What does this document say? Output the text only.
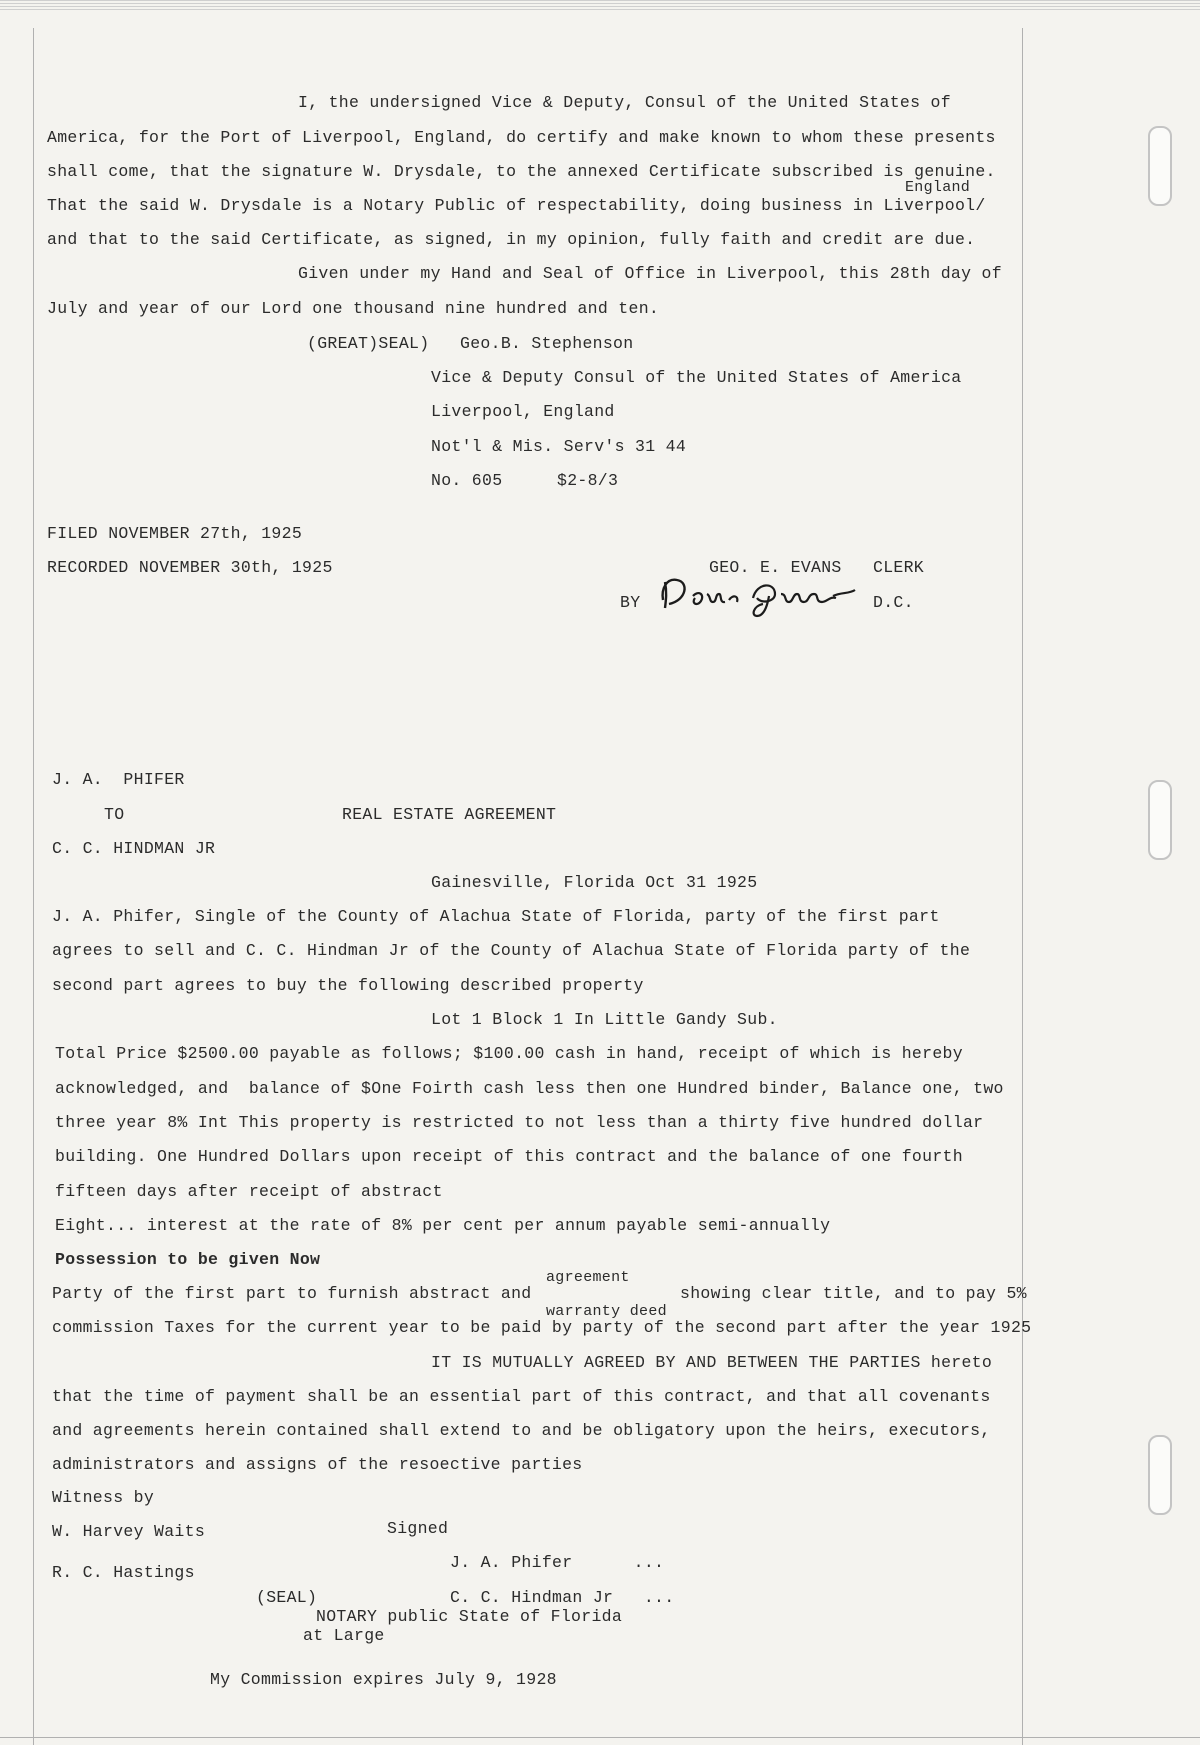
I, the undersigned Vice & Deputy, Consul of the United States of
America, for the Port of Liverpool, England, do certify and make known to whom these presents
shall come, that the signature W. Drysdale, to the annexed Certificate subscribed is genuine.
England
That the said W. Drysdale is a Notary Public of respectability, doing business in Liverpool/
and that to the said Certificate, as signed, in my opinion, fully faith and credit are due.
Given under my Hand and Seal of Office in Liverpool, this 28th day of
July and year of our Lord one thousand nine hundred and ten.
(GREAT)SEAL)   Geo.B. Stephenson
Vice & Deputy Consul of the United States of America
Liverpool, England
Not'l & Mis. Serv's 31 44
No. 605	$2-8/3
FILED NOVEMBER 27th, 1925
RECORDED NOVEMBER 30th, 1925	GEO. E. EVANS CLERK
BY	D.C.
J. A.  PHIFER
TO	REAL ESTATE AGREEMENT
C. C. HINDMAN JR
Gainesville, Florida Oct 31 1925
J. A. Phifer, Single of the County of Alachua State of Florida, party of the first part
agrees to sell and C. C. Hindman Jr of the County of Alachua State of Florida party of the
second part agrees to buy the following described property
Lot 1 Block 1 In Little Gandy Sub.
Total Price $2500.00 payable as follows; $100.00 cash in hand, receipt of which is hereby
acknowledged, and  balance of $One Foirth cash less then one Hundred binder, Balance one, two
three year 8% Int This property is restricted to not less than a thirty five hundred dollar
building. One Hundred Dollars upon receipt of this contract and the balance of one fourth
fifteen days after receipt of abstract
Eight... interest at the rate of 8% per cent per annum payable semi-annually
Possession to be given Now
agreement
Party of the first part to furnish abstract and	showing clear title, and to pay 5%
warranty deed
commission Taxes for the current year to be paid by party of the second part after the year 1925
IT IS MUTUALLY AGREED BY AND BETWEEN THE PARTIES hereto
that the time of payment shall be an essential part of this contract, and that all covenants
and agreements herein contained shall extend to and be obligatory upon the heirs, executors,
administrators and assigns of the resoective parties
Witness by
Signed
W. Harvey Waits
J. A. Phifer      ...
R. C. Hastings
(SEAL)	C. C. Hindman Jr   ...
NOTARY public State of Florida
at Large
My Commission expires July 9, 1928
